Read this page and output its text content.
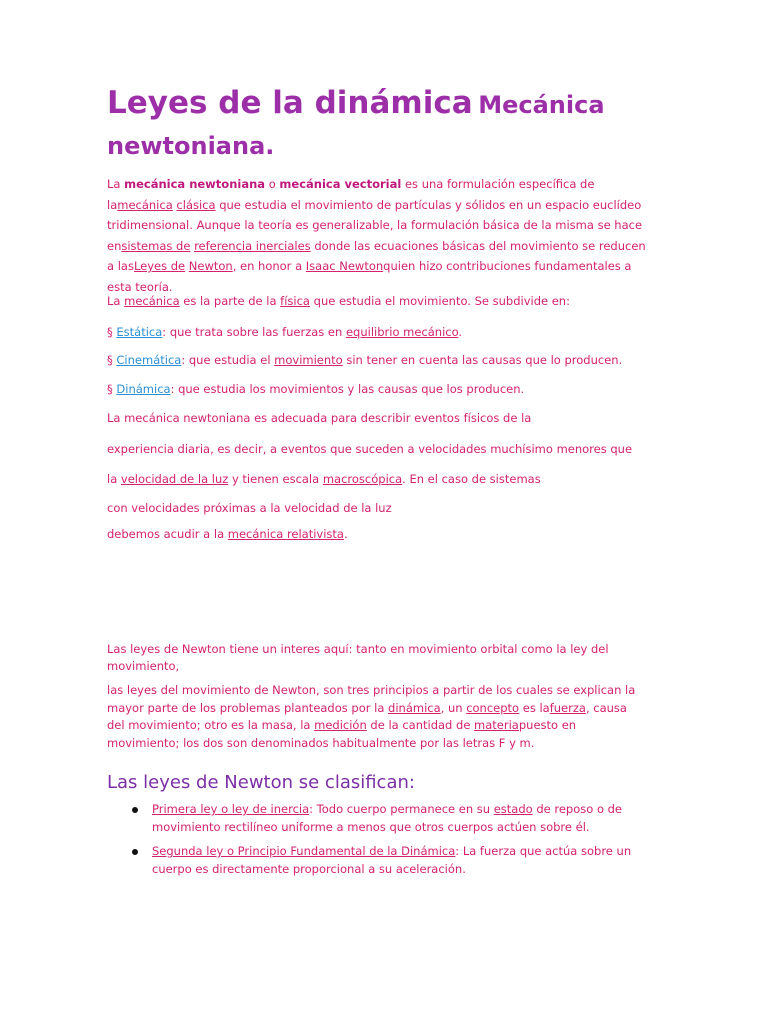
Leyes de la dinámica Mecánica
newtoniana.
La mecánica newtoniana o mecánica vectorial es una formulación específica de lamecánica clásica que estudia el movimiento de partículas y sólidos en un espacio euclídeo tridimensional. Aunque la teoría es generalizable, la formulación básica de la misma se hace ensistemas de referencia inerciales donde las ecuaciones básicas del movimiento se reducen a lasLeyes de Newton, en honor a Isaac Newtonquien hizo contribuciones fundamentales a esta teoría.
La mecánica es la parte de la física que estudia el movimiento. Se subdivide en:
§ Estática: que trata sobre las fuerzas en equilibrio mecánico.
§ Cinemática: que estudia el movimiento sin tener en cuenta las causas que lo producen.
§ Dinámica: que estudia los movimientos y las causas que los producen.
La mecánica newtoniana es adecuada para describir eventos físicos de la
experiencia diaria, es decir, a eventos que suceden a velocidades muchísimo menores que
la velocidad de la luz y tienen escala macroscópica. En el caso de sistemas
con velocidades próximas a la velocidad de la luz
debemos acudir a la mecánica relativista.
Las leyes de Newton tiene un interes aquí: tanto en movimiento orbital como la ley del
movimiento,
las leyes del movimiento de Newton, son tres principios a partir de los cuales se explican la mayor parte de los problemas planteados por la dinámica, un concepto es lafuerza, causa del movimiento; otro es la masa, la medición de la cantidad de materiapuesto en movimiento; los dos son denominados habitualmente por las letras F y m.
Las leyes de Newton se clasifican:
Primera ley o ley de inercia: Todo cuerpo permanece en su estado de reposo o de movimiento rectilíneo uniforme a menos que otros cuerpos actúen sobre él.
Segunda ley o Principio Fundamental de la Dinámica: La fuerza que actúa sobre un cuerpo es directamente proporcional a su aceleración.
